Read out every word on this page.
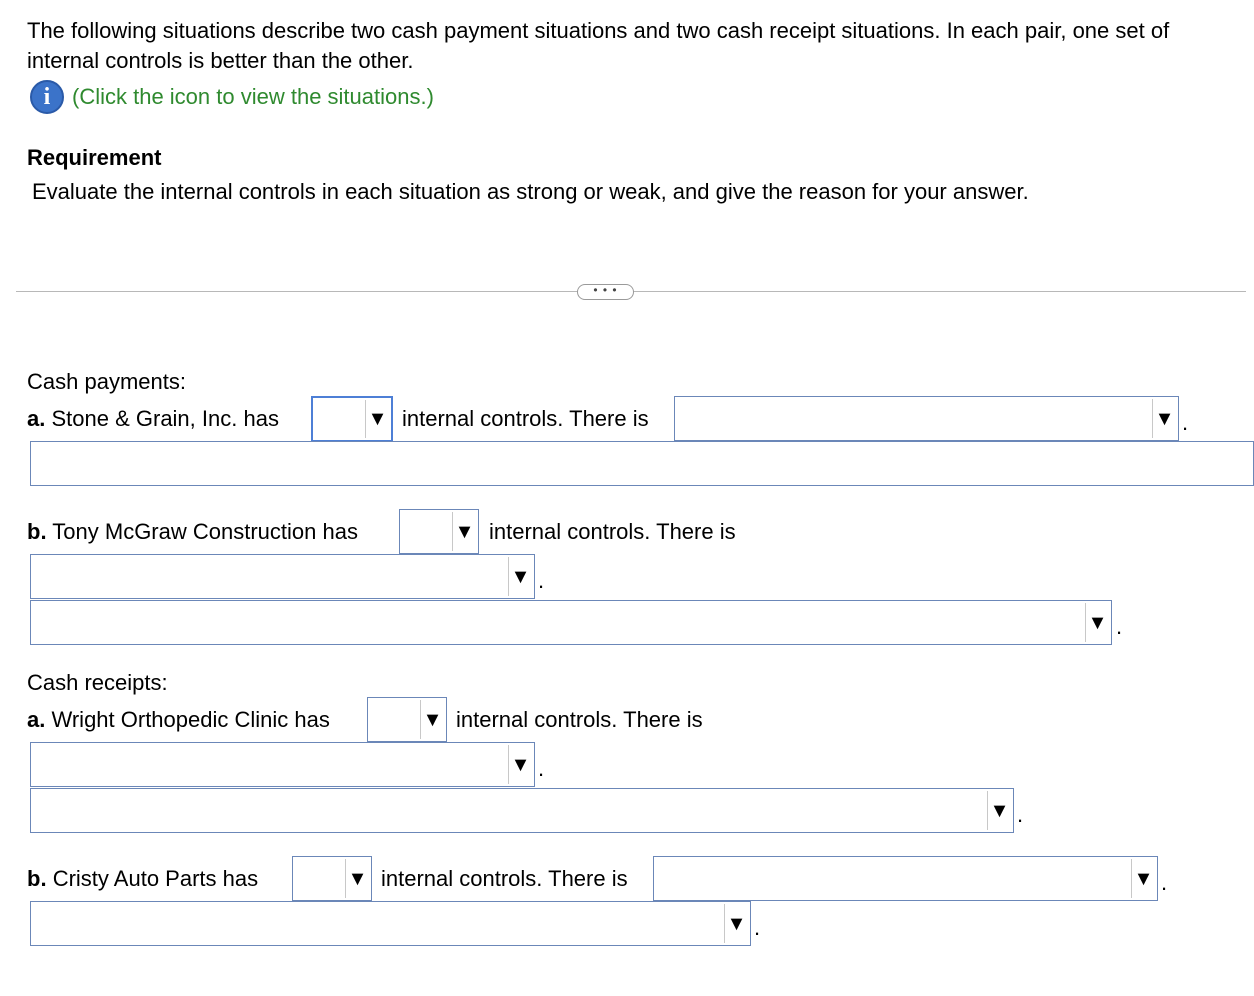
The following situations describe two cash payment situations and two cash receipt situations. In each pair, one set of internal controls is better than the other.
i (Click the icon to view the situations.)
Requirement
Evaluate the internal controls in each situation as strong or weak, and give the reason for your answer.
• • •
Cash payments:
a. Stone & Grain, Inc. has	▼ internal controls. There is	▼ .
b. Tony McGraw Construction has	▼ internal controls. There is
▼ .
▼ .
Cash receipts:
a. Wright Orthopedic Clinic has	▼ internal controls. There is
▼ .
▼ .
b. Cristy Auto Parts has	▼ internal controls. There is	▼ .
▼ .
